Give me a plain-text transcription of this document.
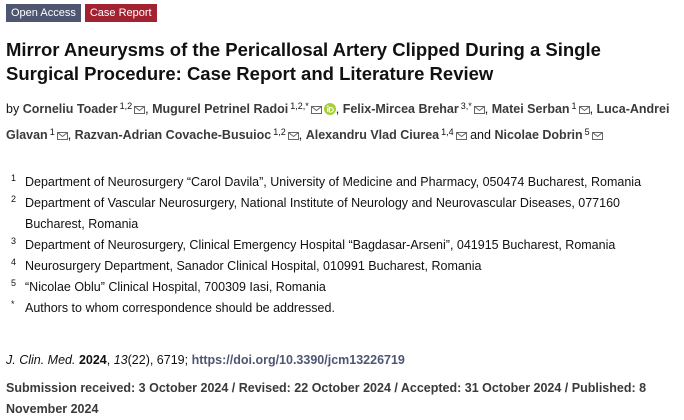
Open Access	Case Report
Mirror Aneurysms of the Pericallosal Artery Clipped During a Single Surgical Procedure: Case Report and Literature Review
by Corneliu Toader $^{1,2}$ , Mugurel Petrinel Radoi $^{1,2,*}$ , Felix-Mircea Brehar $^{3,*}$ , Matei Serban $^1$ , Luca-Andrei Glavan $^1$ , Razvan-Adrian Covache-Busuioc $^{1,2}$ , Alexandru Vlad Ciurea $^{1,4}$ and Nicolae Dobrin $^5$
1 Department of Neurosurgery “Carol Davila”, University of Medicine and Pharmacy, 050474 Bucharest, Romania
2 Department of Vascular Neurosurgery, National Institute of Neurology and Neurovascular Diseases, 077160 Bucharest, Romania
3 Department of Neurosurgery, Clinical Emergency Hospital “Bagdasar-Arseni”, 041915 Bucharest, Romania
4 Neurosurgery Department, Sanador Clinical Hospital, 010991 Bucharest, Romania
5 “Nicolae Oblu” Clinical Hospital, 700309 Iasi, Romania
* Authors to whom correspondence should be addressed.
J. Clin. Med. 2024, 13(22), 6719; https://doi.org/10.3390/jcm13226719
Submission received: 3 October 2024 / Revised: 22 October 2024 / Accepted: 31 October 2024 / Published: 8 November 2024
